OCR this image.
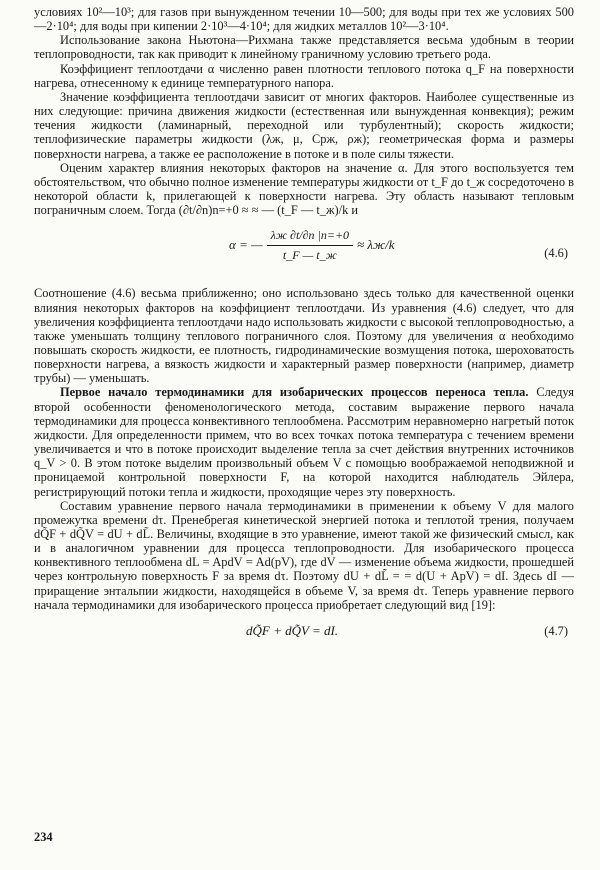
условиях 10²—10³; для газов при вынужденном течении 10—500; для воды при тех же условиях 500—2·10⁴; для воды при кипении 2·10³—4·10⁴; для жидких металлов 10²—3·10⁴.

Использование закона Ньютона—Рихмана также представляется весьма удобным в теории теплопроводности, так как приводит к линейному граничному условию третьего рода.

Коэффициент теплоотдачи α численно равен плотности теплового потока q_F на поверхности нагрева, отнесенному к единице температурного напора.

Значение коэффициента теплоотдачи зависит от многих факторов. Наиболее существенные из них следующие: причина движения жидкости (естественная или вынужденная конвекция); режим течения жидкости (ламинарный, переходной или турбулентный); скорость жидкости; теплофизические параметры жидкости (λж, μ, Cрж, ρж); геометрическая форма и размеры поверхности нагрева, а также ее расположение в потоке и в поле силы тяжести.

Оценим характер влияния некоторых факторов на значение α. Для этого воспользуется тем обстоятельством, что обычно полное изменение температуры жидкости от t_F до t_ж сосредоточено в некоторой области k, прилегающей к поверхности нагрева. Эту область называют тепловым пограничным слоем. Тогда (∂t/∂n)n=+0 ≈ ≈ — (t_F — t_ж)/k и

α = — $\frac{\lambda ж \partial t/\partial n |n=+0}{t\_F — t\_ж} \approx \lambda ж/k$
(4.6)

Соотношение (4.6) весьма приближенно; оно использовано здесь только для качественной оценки влияния некоторых факторов на коэффициент теплоотдачи. Из уравнения (4.6) следует, что для увеличения коэффициента теплоотдачи надо использовать жидкости с высокой теплопроводностью, а также уменьшать толщину теплового пограничного слоя. Поэтому для увеличения α необходимо повышать скорость жидкости, ее плотность, гидродинамические возмущения потока, шероховатость поверхности нагрева, а вязкость жидкости и характерный размер поверхности (например, диаметр трубы) — уменьшать.

Первое начало термодинамики для изобарических процессов переноса тепла. Следуя второй особенности феноменологического метода, составим выражение первого начала термодинамики для процесса конвективного теплообмена. Рассмотрим неравномерно нагретый поток жидкости. Для определенности примем, что во всех точках потока температура с течением времени увеличивается и что в потоке происходит выделение тепла за счет действия внутренних источников q_V > 0. В этом потоке выделим произвольный объем V с помощью воображаемой неподвижной и проницаемой контрольной поверхности F, на которой находится наблюдатель Эйлера, регистрирующий потоки тепла и жидкости, проходящие через эту поверхность.

Составим уравнение первого начала термодинамики в применении к объему V для малого промежутка времени dτ. Пренебрегая кинетической энергией потока и теплотой трения, получаем dQ̃F + dQ̃V = dU + dL̃. Величины, входящие в это уравнение, имеют такой же физический смысл, как и в аналогичном уравнении для процесса теплопроводности. Для изобарического процесса конвективного теплообмена dL = ApdV = Ad(pV), где dV — изменение объема жидкости, прошедшей через контрольную поверхность F за время dτ. Поэтому dU + dL̃ = = d(U + ApV) = dI. Здесь dI — приращение энтальпии жидкости, находящейся в объеме V, за время dτ. Теперь уравнение первого начала термодинамики для изобарического процесса приобретает следующий вид [19]:

dQ̃F + dQ̃V = dI.	(4.7)
234
